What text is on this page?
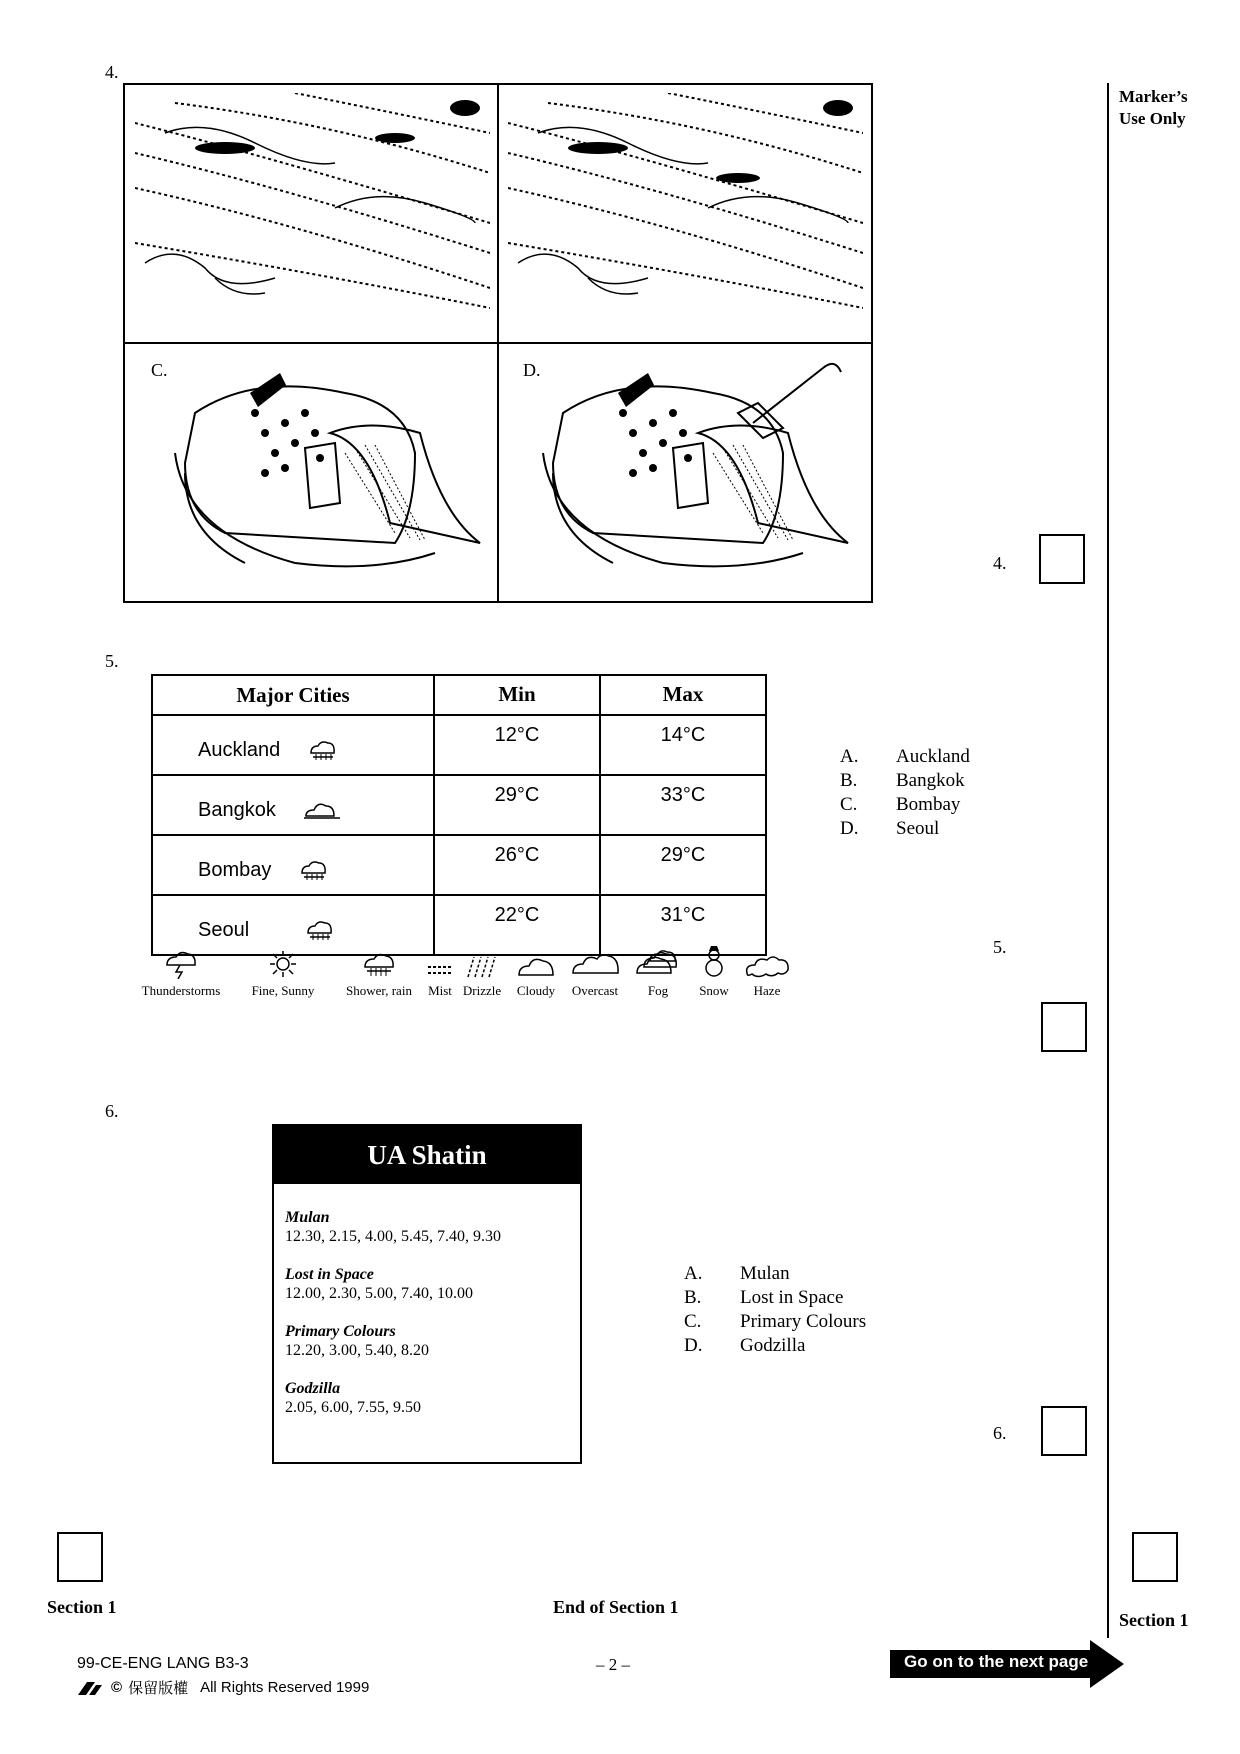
4.
C.	D.
4.
5.
Major Cities	Min	Max

Auckland	12°C	14°C

Bangkok	29°C	33°C

Bombay	26°C	29°C

Seoul	22°C	31°C
A.	Auckland
B.	Bangkok
C.	Bombay
D.	Seoul
Thunderstorms Fine, Sunny Shower, rain Mist Drizzle Cloudy Overcast Fog Snow Haze
5.
6.
UA Shatin
Mulan
12.30, 2.15, 4.00, 5.45, 7.40, 9.30
Lost in Space
12.00, 2.30, 5.00, 7.40, 10.00
Primary Colours
12.20, 3.00, 5.40, 8.20
Godzilla
2.05, 6.00, 7.55, 9.50
A.	Mulan
B.	Lost in Space
C.	Primary Colours
D.	Godzilla
6.
Marker’s
Use Only
Section 1
Section 1	End of Section 1
99-CE-ENG LANG B3-3	– 2 –
© 保留版權 All Rights Reserved 1999
Go on to the next page
